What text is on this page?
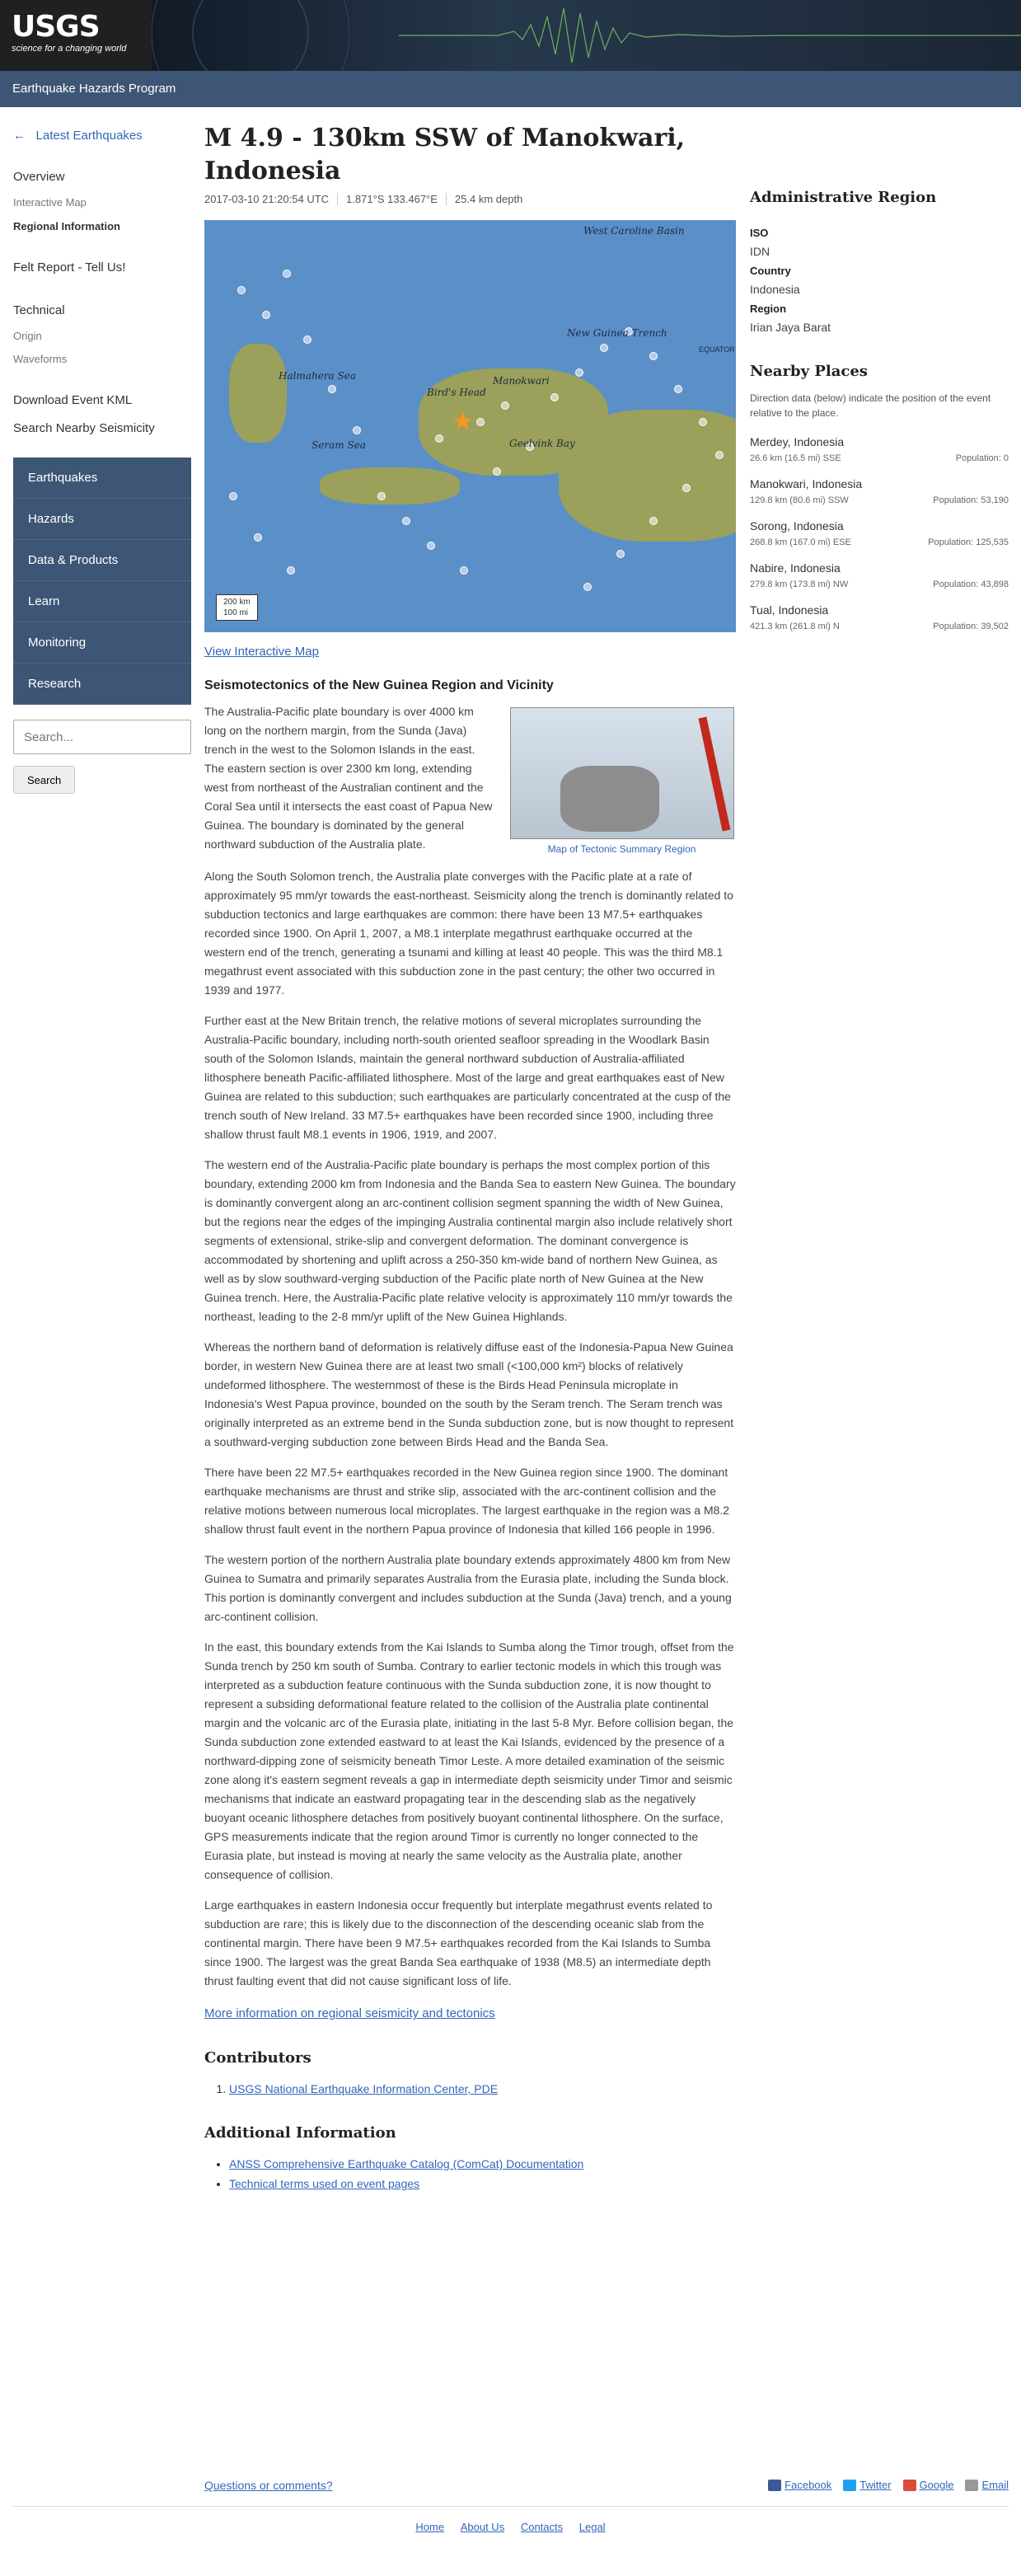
USGS
science for a changing world
Earthquake Hazards Program
← Latest Earthquakes
Overview
Interactive Map
Regional Information
Felt Report - Tell Us!
Technical
Origin
Waveforms
Download Event KML
Search Nearby Seismicity
Earthquakes
Hazards
Data & Products
Learn
Monitoring
Research
Search... Search
M 4.9 - 130km SSW of Manokwari, Indonesia
2017-03-10 21:20:54 UTC 1.871°S 133.467°E 25.4 km depth
West Caroline Basin
New Guinea Trench
Halmahera Sea
Seram Sea	Geelvink Bay
EQUATOR
Bird's Head
Manokwari
★
200 km
100 mi
View Interactive Map
Seismotectonics of the New Guinea Region and Vicinity

The Australia-Pacific plate boundary is over 4000 km long on the northern margin, from the Sunda (Java) trench in the west to the Solomon Islands in the east. The eastern section is over 2300 km long, extending west from northeast of the Australian continent and the Coral Sea until it intersects the east coast of Papua New Guinea. The boundary is dominated by the general northward subduction of the Australia plate.	Map of Tectonic Summary Region

Along the South Solomon trench, the Australia plate converges with the Pacific plate at a rate of approximately 95 mm/yr towards the east-northeast. Seismicity along the trench is dominantly related to subduction tectonics and large earthquakes are common: there have been 13 M7.5+ earthquakes recorded since 1900. On April 1, 2007, a M8.1 interplate megathrust earthquake occurred at the western end of the trench, generating a tsunami and killing at least 40 people. This was the third M8.1 megathrust event associated with this subduction zone in the past century; the other two occurred in 1939 and 1977.

Further east at the New Britain trench, the relative motions of several microplates surrounding the Australia-Pacific boundary, including north-south oriented seafloor spreading in the Woodlark Basin south of the Solomon Islands, maintain the general northward subduction of Australia-affiliated lithosphere beneath Pacific-affiliated lithosphere. Most of the large and great earthquakes east of New Guinea are related to this subduction; such earthquakes are particularly concentrated at the cusp of the trench south of New Ireland. 33 M7.5+ earthquakes have been recorded since 1900, including three shallow thrust fault M8.1 events in 1906, 1919, and 2007.

The western end of the Australia-Pacific plate boundary is perhaps the most complex portion of this boundary, extending 2000 km from Indonesia and the Banda Sea to eastern New Guinea. The boundary is dominantly convergent along an arc-continent collision segment spanning the width of New Guinea, but the regions near the edges of the impinging Australia continental margin also include relatively short segments of extensional, strike-slip and convergent deformation. The dominant convergence is accommodated by shortening and uplift across a 250-350 km-wide band of northern New Guinea, as well as by slow southward-verging subduction of the Pacific plate north of New Guinea at the New Guinea trench. Here, the Australia-Pacific plate relative velocity is approximately 110 mm/yr towards the northeast, leading to the 2-8 mm/yr uplift of the New Guinea Highlands.

Whereas the northern band of deformation is relatively diffuse east of the Indonesia-Papua New Guinea border, in western New Guinea there are at least two small (<100,000 km²) blocks of relatively undeformed lithosphere. The westernmost of these is the Birds Head Peninsula microplate in Indonesia's West Papua province, bounded on the south by the Seram trench. The Seram trench was originally interpreted as an extreme bend in the Sunda subduction zone, but is now thought to represent a southward-verging subduction zone between Birds Head and the Banda Sea.

There have been 22 M7.5+ earthquakes recorded in the New Guinea region since 1900. The dominant earthquake mechanisms are thrust and strike slip, associated with the arc-continent collision and the relative motions between numerous local microplates. The largest earthquake in the region was a M8.2 shallow thrust fault event in the northern Papua province of Indonesia that killed 166 people in 1996.

The western portion of the northern Australia plate boundary extends approximately 4800 km from New Guinea to Sumatra and primarily separates Australia from the Eurasia plate, including the Sunda block. This portion is dominantly convergent and includes subduction at the Sunda (Java) trench, and a young arc-continent collision.

In the east, this boundary extends from the Kai Islands to Sumba along the Timor trough, offset from the Sunda trench by 250 km south of Sumba. Contrary to earlier tectonic models in which this trough was interpreted as a subduction feature continuous with the Sunda subduction zone, it is now thought to represent a subsiding deformational feature related to the collision of the Australia plate continental margin and the volcanic arc of the Eurasia plate, initiating in the last 5-8 Myr. Before collision began, the Sunda subduction zone extended eastward to at least the Kai Islands, evidenced by the presence of a northward-dipping zone of seismicity beneath Timor Leste. A more detailed examination of the seismic zone along it's eastern segment reveals a gap in intermediate depth seismicity under Timor and seismic mechanisms that indicate an eastward propagating tear in the descending slab as the negatively buoyant oceanic lithosphere detaches from positively buoyant continental lithosphere. On the surface, GPS measurements indicate that the region around Timor is currently no longer connected to the Eurasia plate, but instead is moving at nearly the same velocity as the Australia plate, another consequence of collision.

Large earthquakes in eastern Indonesia occur frequently but interplate megathrust events related to subduction are rare; this is likely due to the disconnection of the descending oceanic slab from the continental margin. There have been 9 M7.5+ earthquakes recorded from the Kai Islands to Sumba since 1900. The largest was the great Banda Sea earthquake of 1938 (M8.5) an intermediate depth thrust faulting event that did not cause significant loss of life.

More information on regional seismicity and tectonics
Contributors
1. USGS National Earthquake Information Center, PDE
Additional Information
• ANSS Comprehensive Earthquake Catalog (ComCat) Documentation
• Technical terms used on event pages
Administrative Region
ISO
IDN
Country
Indonesia
Region
Irian Jaya Barat
Nearby Places

Direction data (below) indicate the position of the event relative to the place.

Merdey, Indonesia
26.6 km (16.5 mi) SSE	Population: 0
Manokwari, Indonesia
129.8 km (80.6 mi) SSW	Population: 53,190
Sorong, Indonesia
268.8 km (167.0 mi) ESE	Population: 125,535
Nabire, Indonesia
279.8 km (173.8 mi) NW	Population: 43,898
Tual, Indonesia
421.3 km (261.8 mi) N	Population: 39,502
Questions or comments?	Facebook	Twitter	Google	Email
Home About Us Contacts Legal
